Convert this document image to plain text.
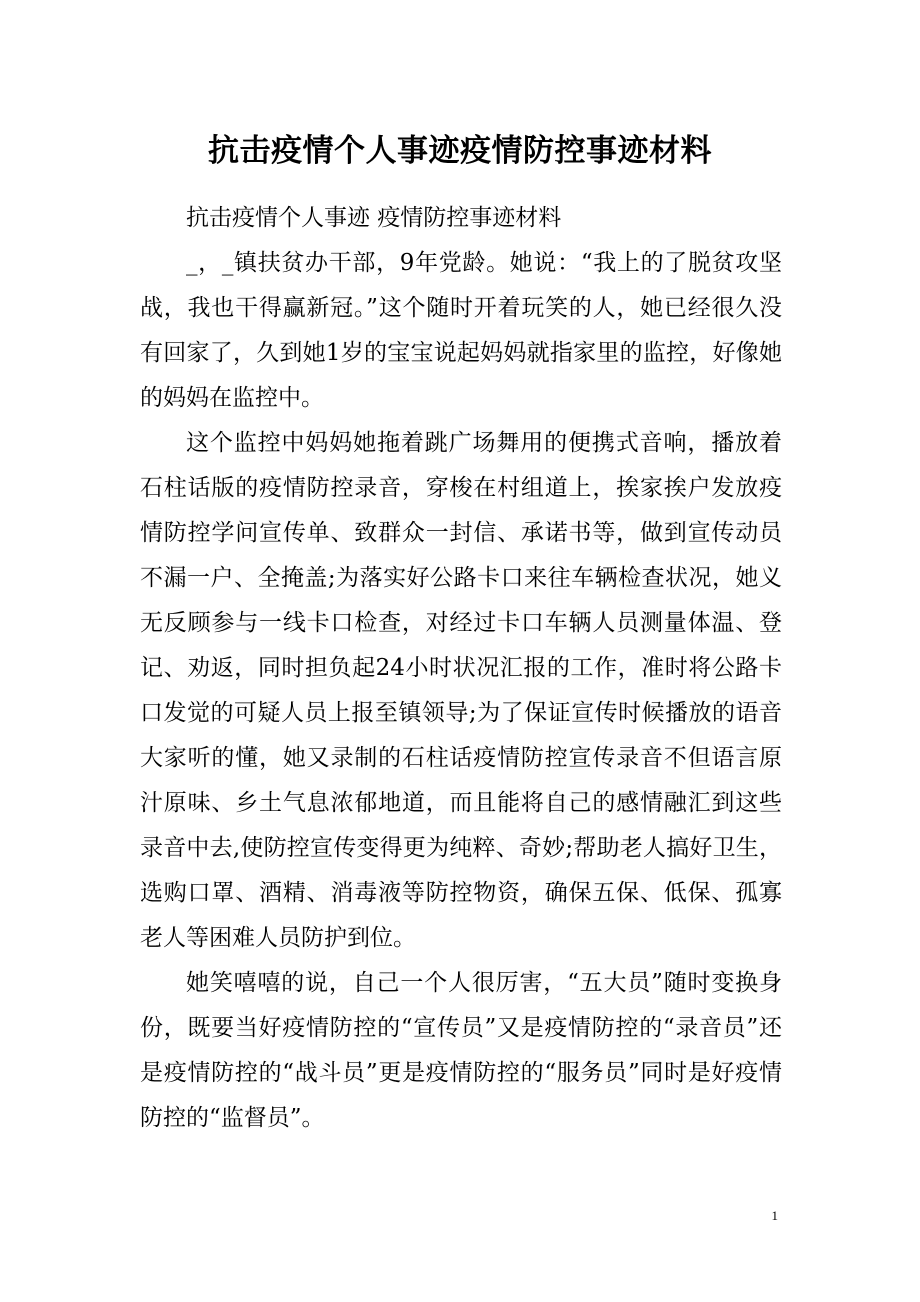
抗击疫情个人事迹疫情防控事迹材料

抗击疫情个人事迹 疫情防控事迹材料

_，_镇扶贫办干部，9年党龄。她说：“我上的了脱贫攻坚战，我也干得赢新冠。”这个随时开着玩笑的人，她已经很久没有回家了，久到她1岁的宝宝说起妈妈就指家里的监控，好像她的妈妈在监控中。

这个监控中妈妈她拖着跳广场舞用的便携式音响，播放着石柱话版的疫情防控录音，穿梭在村组道上，挨家挨户发放疫情防控学问宣传单、致群众一封信、承诺书等，做到宣传动员不漏一户、全掩盖;为落实好公路卡口来往车辆检查状况，她义无反顾参与一线卡口检查，对经过卡口车辆人员测量体温、登记、劝返，同时担负起24小时状况汇报的工作，准时将公路卡口发觉的可疑人员上报至镇领导;为了保证宣传时候播放的语音大家听的懂，她又录制的石柱话疫情防控宣传录音不但语言原汁原味、乡土气息浓郁地道，而且能将自己的感情融汇到这些录音中去,使防控宣传变得更为纯粹、奇妙;帮助老人搞好卫生，选购口罩、酒精、消毒液等防控物资，确保五保、低保、孤寡老人等困难人员防护到位。

她笑嘻嘻的说，自己一个人很厉害，“五大员”随时变换身份，既要当好疫情防控的“宣传员”又是疫情防控的“录音员”还是疫情防控的“战斗员”更是疫情防控的“服务员”同时是好疫情防控的“监督员”。

1
